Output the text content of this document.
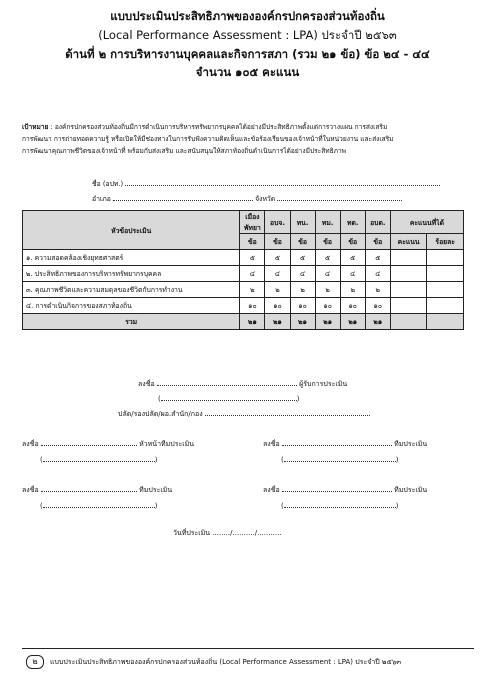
แบบประเมินประสิทธิภาพขององค์กรปกครองส่วนท้องถิ่น
(Local Performance Assessment : LPA) ประจำปี ๒๕๖๓
ด้านที่ ๒ การบริหารงานบุคคลและกิจการสภา (รวม ๒๑ ข้อ) ข้อ ๒๔ - ๔๔
จำนวน ๑๐๕ คะแนน
เป้าหมาย : องค์กรปกครองส่วนท้องถิ่นมีการดำเนินการบริหารทรัพยากรบุคคลได้อย่างมีประสิทธิภาพตั้งแต่การวางแผน การส่งเสริม
การพัฒนา การถ่ายทอดความรู้ หรือเปิดให้มีช่องทางในการรับฟังความคิดเห็นและข้อร้องเรียนของเจ้าหน้าที่ในหน่วยงาน และส่งเสริม
การพัฒนาคุณภาพชีวิตของเจ้าหน้าที่ พร้อมกับส่งเสริม และสนับสนุนให้สภาท้องถิ่นดำเนินการได้อย่างมีประสิทธิภาพ
ชื่อ (อปท.)
อำเภอ	จังหวัด
หัวข้อประเมิน	เมือง พัทยา	อบจ.	ทน.	ทม.	ทต.	อบต.	คะแนนที่ได้	
	ข้อ	ข้อ	ข้อ	ข้อ	ข้อ	ข้อ	คะแนน	ร้อยละ
๑. ความสอดคล้องเชิงยุทธศาสตร์	๕	๕	๕	๕	๕	๕		
๒. ประสิทธิภาพของการบริหารทรัพยากรบุคคล	๔	๔	๔	๔	๔	๔		
๓. คุณภาพชีวิตและความสมดุลของชีวิตกับการทำงาน	๒	๒	๒	๒	๒	๒		
๔. การดำเนินกิจการของสภาท้องถิ่น	๑๐	๑๐	๑๐	๑๐	๑๐	๑๐		
รวม	๒๑	๒๑	๒๑	๒๑	๒๑	๒๑		
ลงชื่อ	ผู้รับการประเมิน
(	)
ปลัด/รองปลัด/ผอ.สำนัก/กอง
ลงชื่อ	หัวหน้าทีมประเมิน
(	)
ลงชื่อ	ทีมประเมิน
(	)
ลงชื่อ	ทีมประเมิน
(	)
ลงชื่อ	ทีมประเมิน
(	)
วันที่ประเมิน ......../........../...........
๒	แบบประเมินประสิทธิภาพขององค์กรปกครองส่วนท้องถิ่น (Local Performance Assessment : LPA) ประจำปี ๒๕๖๓
